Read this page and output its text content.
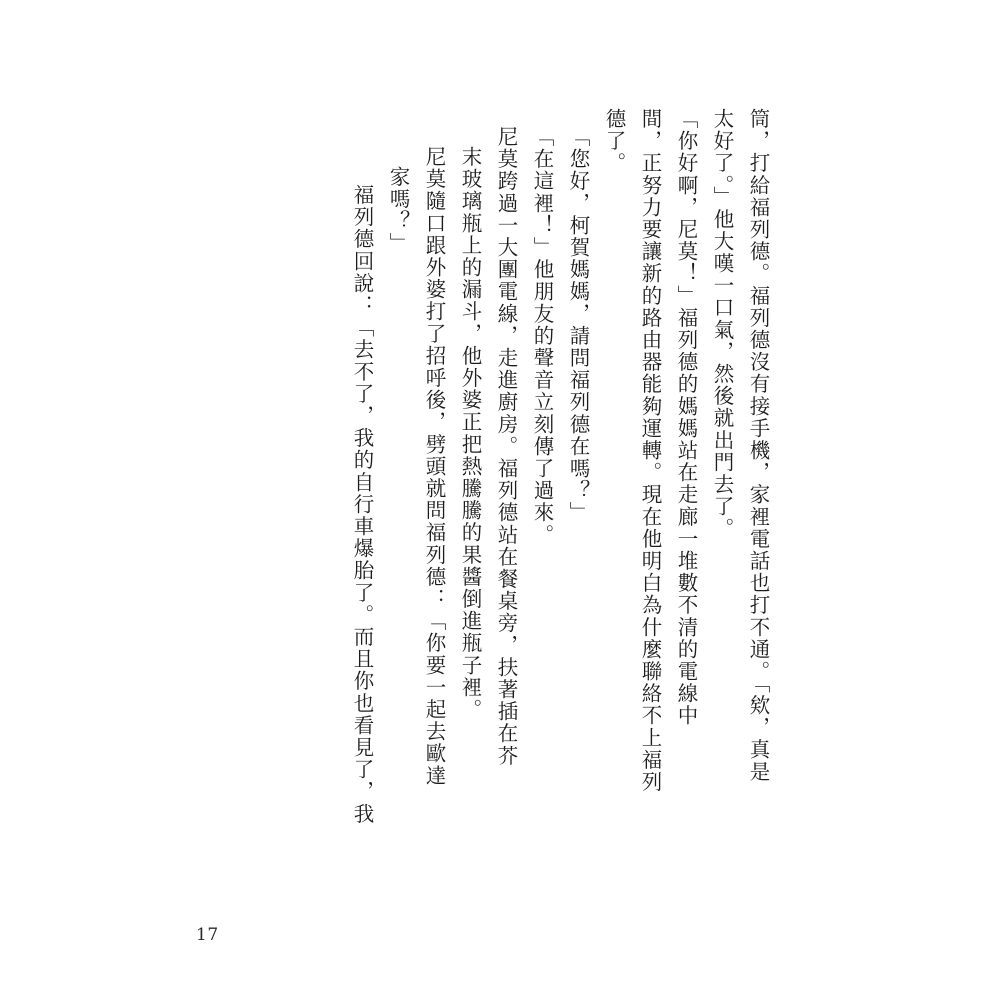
筒，打給福列德。福列德沒有接手機，家裡電話也打不通。「欸，真是
太好了。」他大嘆一口氣，然後就出門去了。
「你好啊，尼莫！」福列德的媽媽站在走廊一堆數不清的電線中
間，正努力要讓新的路由器能夠運轉。現在他明白為什麼聯絡不上福列
德了。
「您好，柯賀媽媽，請問福列德在嗎？」
「在這裡！」他朋友的聲音立刻傳了過來。
尼莫跨過一大團電線，走進廚房。福列德站在餐桌旁，扶著插在芥
末玻璃瓶上的漏斗，他外婆正把熱騰騰的果醬倒進瓶子裡。
尼莫隨口跟外婆打了招呼後，劈頭就問福列德：「你要一起去歐達
家嗎？」
福列德回說：「去不了，我的自行車爆胎了。而且你也看見了，我
17
